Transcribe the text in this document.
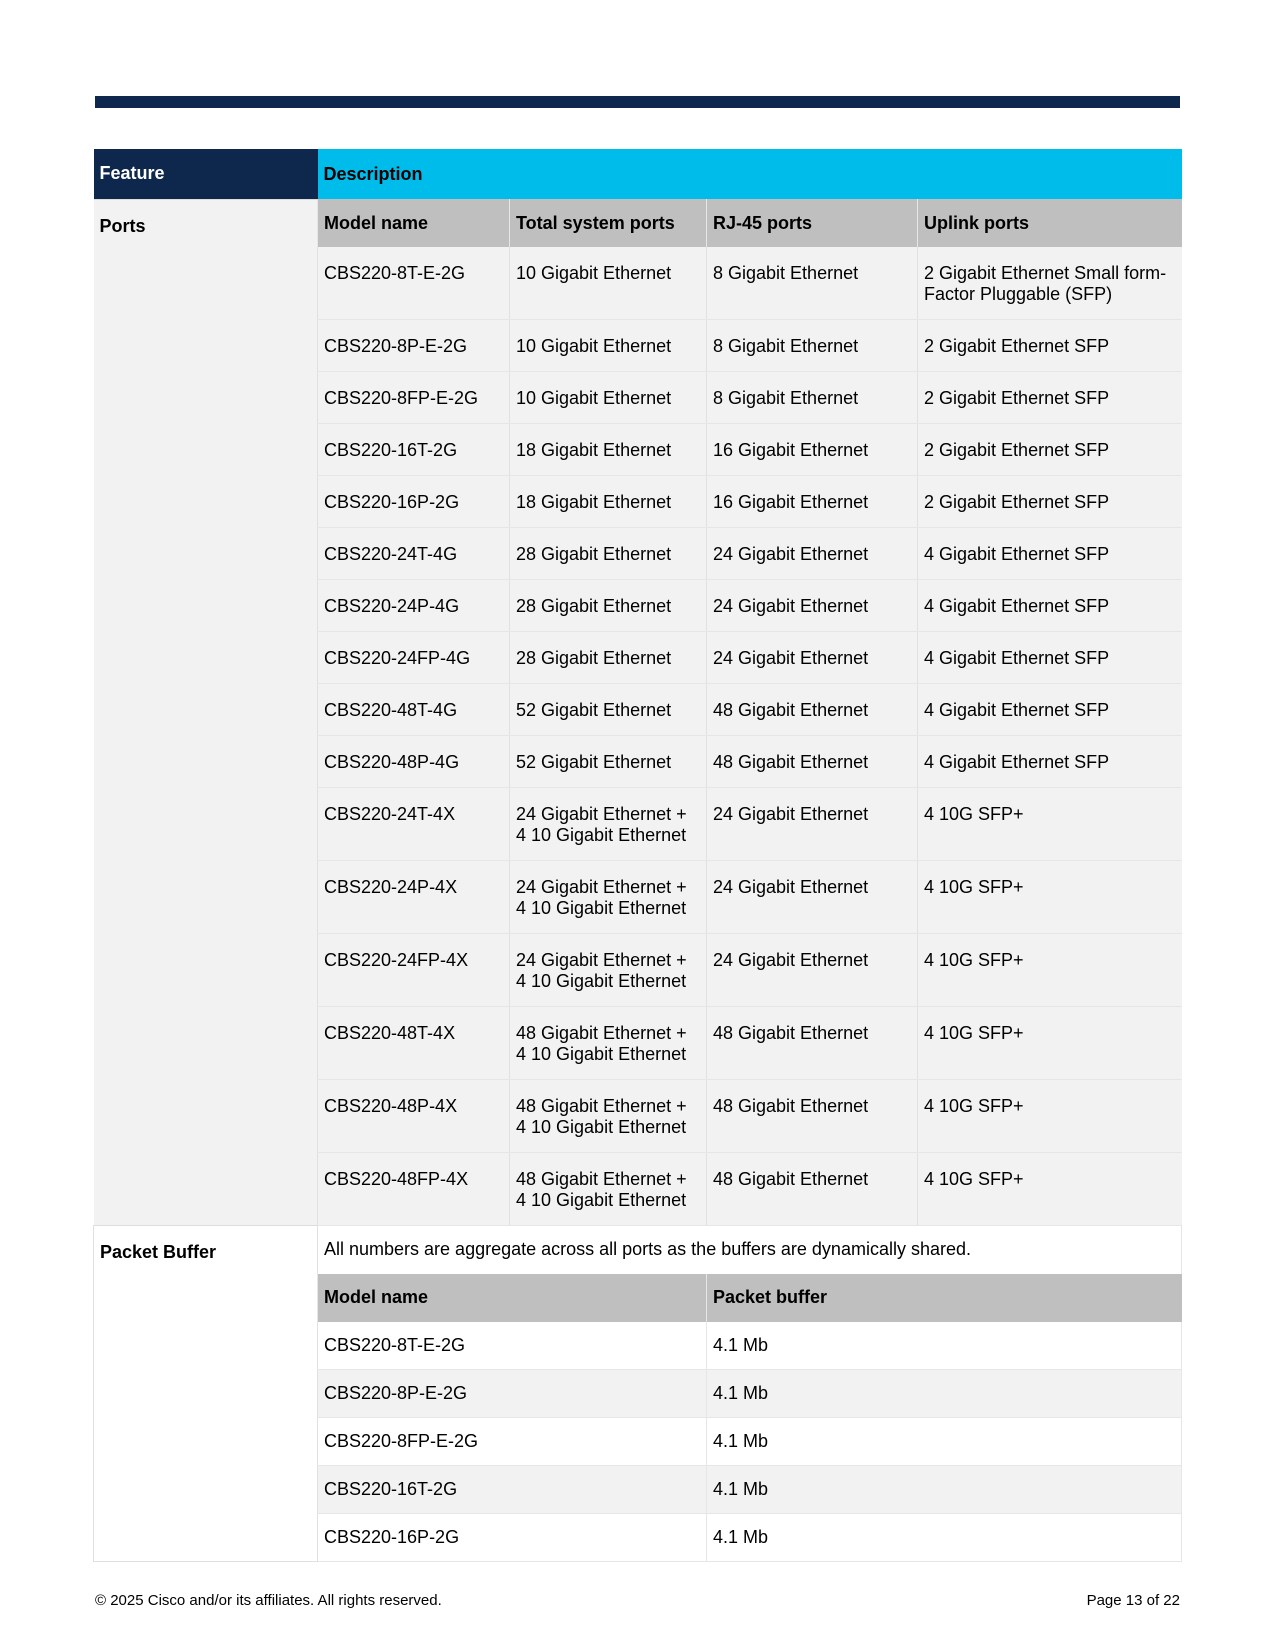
Feature	Description			
Ports	Model name	Total system ports	RJ-45 ports	Uplink ports
	CBS220-8T-E-2G	10 Gigabit Ethernet	8 Gigabit Ethernet	2 Gigabit Ethernet Small form-Factor Pluggable (SFP)
	CBS220-8P-E-2G	10 Gigabit Ethernet	8 Gigabit Ethernet	2 Gigabit Ethernet SFP
	CBS220-8FP-E-2G	10 Gigabit Ethernet	8 Gigabit Ethernet	2 Gigabit Ethernet SFP
	CBS220-16T-2G	18 Gigabit Ethernet	16 Gigabit Ethernet	2 Gigabit Ethernet SFP
	CBS220-16P-2G	18 Gigabit Ethernet	16 Gigabit Ethernet	2 Gigabit Ethernet SFP
	CBS220-24T-4G	28 Gigabit Ethernet	24 Gigabit Ethernet	4 Gigabit Ethernet SFP
	CBS220-24P-4G	28 Gigabit Ethernet	24 Gigabit Ethernet	4 Gigabit Ethernet SFP
	CBS220-24FP-4G	28 Gigabit Ethernet	24 Gigabit Ethernet	4 Gigabit Ethernet SFP
	CBS220-48T-4G	52 Gigabit Ethernet	48 Gigabit Ethernet	4 Gigabit Ethernet SFP
	CBS220-48P-4G	52 Gigabit Ethernet	48 Gigabit Ethernet	4 Gigabit Ethernet SFP
	CBS220-24T-4X	24 Gigabit Ethernet + 4 10 Gigabit Ethernet	24 Gigabit Ethernet	4 10G SFP+
	CBS220-24P-4X	24 Gigabit Ethernet + 4 10 Gigabit Ethernet	24 Gigabit Ethernet	4 10G SFP+
	CBS220-24FP-4X	24 Gigabit Ethernet + 4 10 Gigabit Ethernet	24 Gigabit Ethernet	4 10G SFP+
	CBS220-48T-4X	48 Gigabit Ethernet + 4 10 Gigabit Ethernet	48 Gigabit Ethernet	4 10G SFP+
	CBS220-48P-4X	48 Gigabit Ethernet + 4 10 Gigabit Ethernet	48 Gigabit Ethernet	4 10G SFP+
	CBS220-48FP-4X	48 Gigabit Ethernet + 4 10 Gigabit Ethernet	48 Gigabit Ethernet	4 10G SFP+
Packet Buffer	All numbers are aggregate across all ports as the buffers are dynamically shared.			
	Model name		Packet buffer	
	CBS220-8T-E-2G		4.1 Mb	
	CBS220-8P-E-2G		4.1 Mb	
	CBS220-8FP-E-2G		4.1 Mb	
	CBS220-16T-2G		4.1 Mb	
	CBS220-16P-2G		4.1 Mb	
© 2025 Cisco and/or its affiliates. All rights reserved.	Page 13 of 22
